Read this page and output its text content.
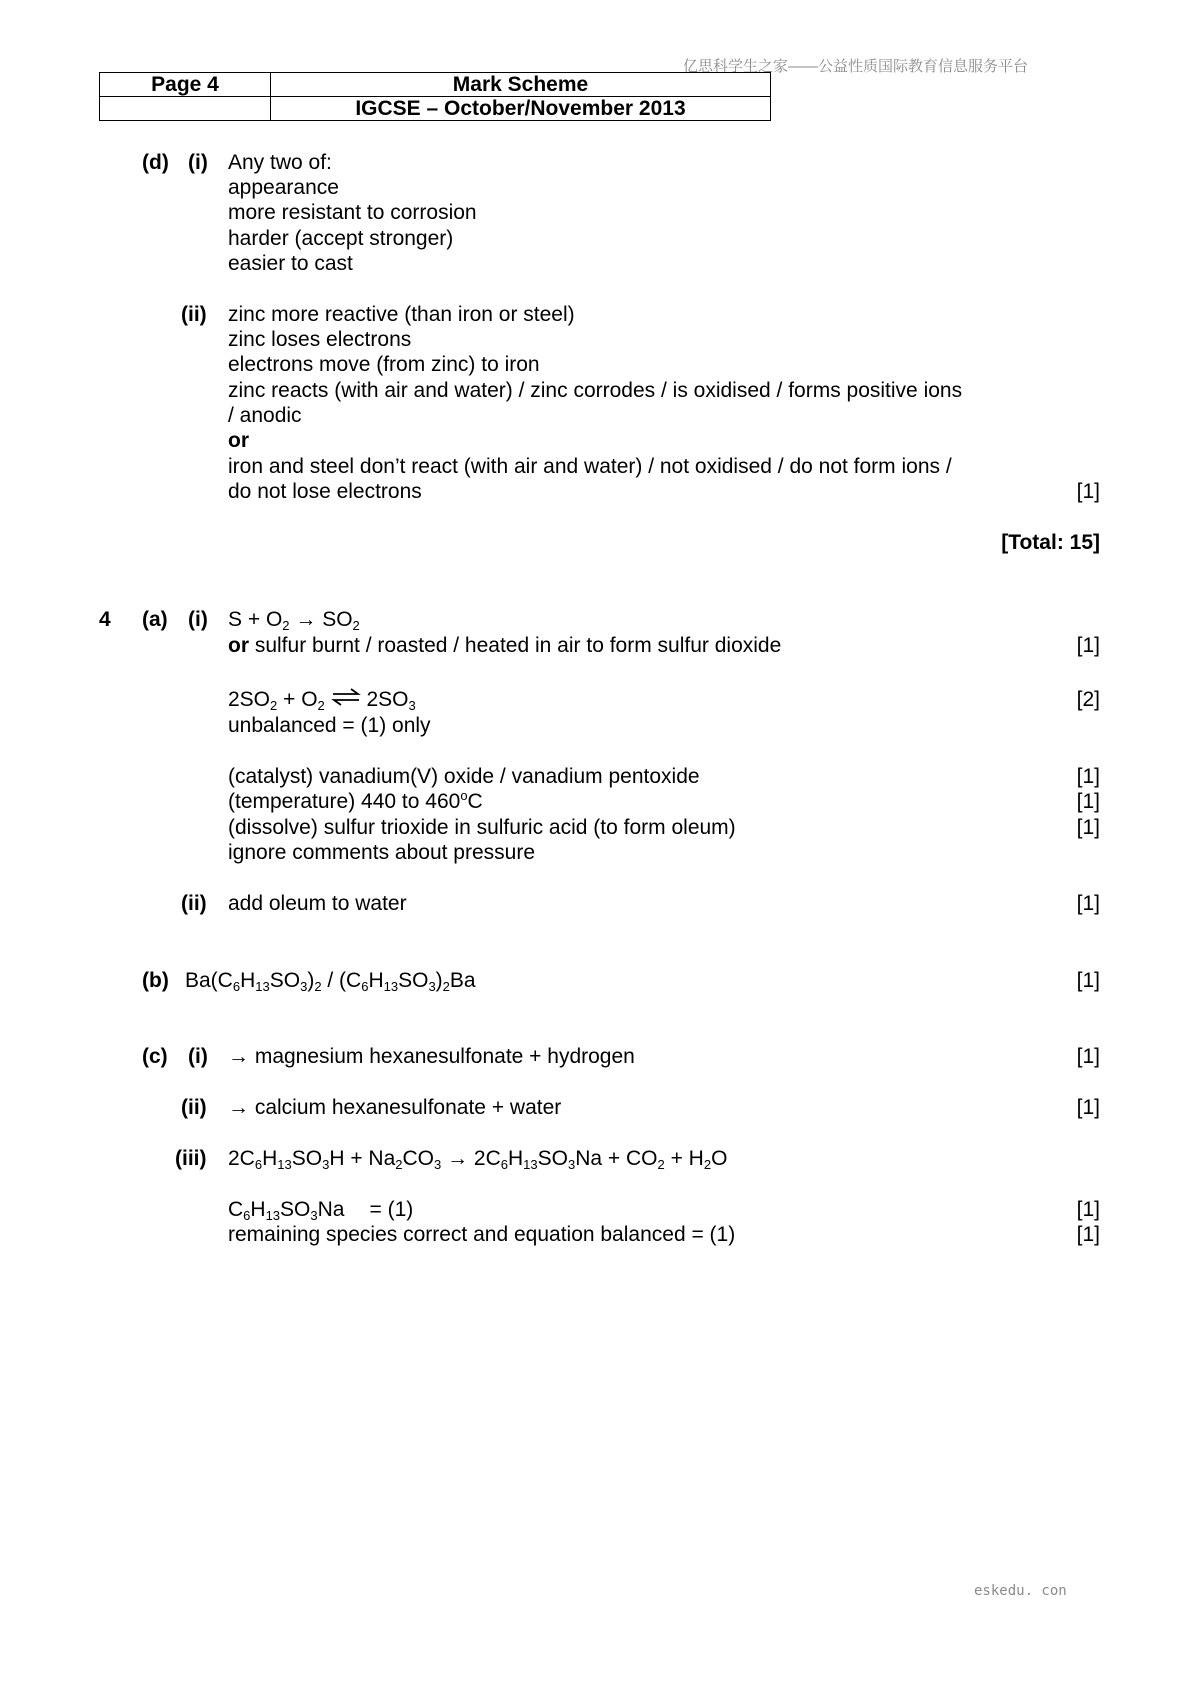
亿思科学生之家——公益性质国际教育信息服务平台
Page 4	Mark Scheme
	IGCSE – October/November 2013
(d) (i) Any two of:
appearance
more resistant to corrosion
harder (accept stronger)
easier to cast
(ii) zinc more reactive (than iron or steel)
zinc loses electrons
electrons move (from zinc) to iron
zinc reacts (with air and water) / zinc corrodes / is oxidised / forms positive ions
/ anodic
or
iron and steel don’t react (with air and water) / not oxidised / do not form ions /
do not lose electrons	[1]
[Total: 15]
4 (a) (i) $S + O_2 \to SO_2$
or sulfur burnt / roasted / heated in air to form sulfur dioxide	[1]
$2SO_2 + O_2$ ⇌ $2SO_3$	[2]
unbalanced = (1) only
(catalyst) vanadium(V) oxide / vanadium pentoxide	[1]
(temperature) 440 to 460$^o$C	[1]
(dissolve) sulfur trioxide in sulfuric acid (to form oleum)	[1]
ignore comments about pressure
(ii) add oleum to water	[1]
(b) $Ba(C_6H_{13}SO_3)_2 / (C_6H_{13}SO_3)_2Ba$	[1]
(c) (i) → magnesium hexanesulfonate + hydrogen	[1]
(ii) → calcium hexanesulfonate + water	[1]
(iii) $2C_6H_{13}SO_3H + Na_2CO_3 \to 2C_6H_{13}SO_3Na + CO_2 + H_2O$
$C_6H_{13}SO_3Na = (1)$	[1]
remaining species correct and equation balanced = (1)	[1]
eskedu. con
